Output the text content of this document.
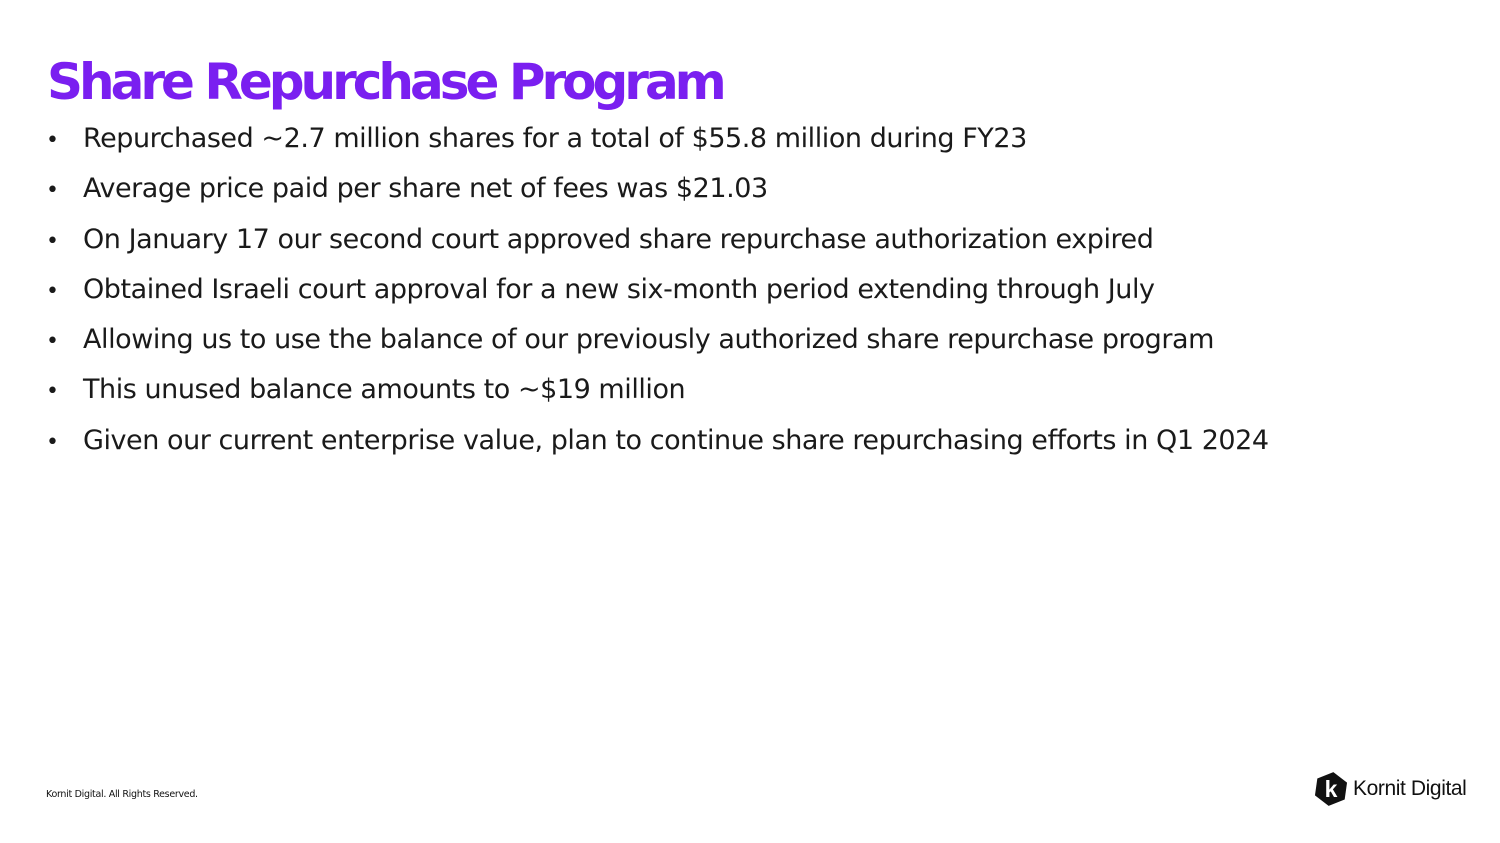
Share Repurchase Program
• Repurchased ~2.7 million shares for a total of $55.8 million during FY23
• Average price paid per share net of fees was $21.03
• On January 17 our second court approved share repurchase authorization expired
• Obtained Israeli court approval for a new six-month period extending through July
• Allowing us to use the balance of our previously authorized share repurchase program
• This unused balance amounts to ~$19 million
• Given our current enterprise value, plan to continue share repurchasing efforts in Q1 2024
Kornit Digital. All Rights Reserved.	k Kornit Digital
